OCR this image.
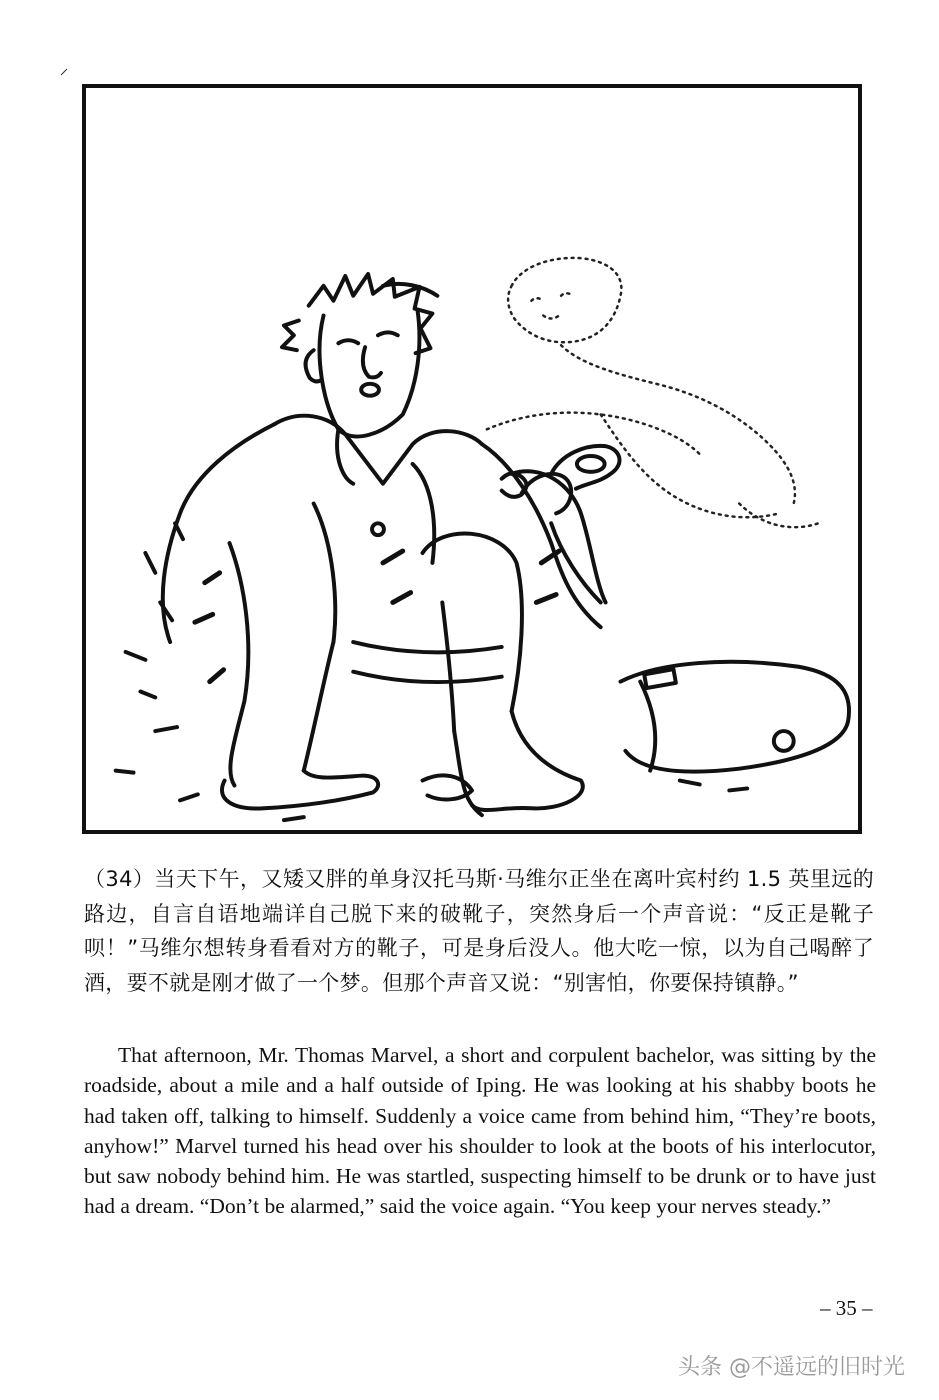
（34）当天下午，又矮又胖的单身汉托马斯·马维尔正坐在离叶宾村约 1.5 英里远的路边，自言自语地端详自己脱下来的破靴子，突然身后一个声音说：“反正是靴子呗！”马维尔想转身看看对方的靴子，可是身后没人。他大吃一惊，以为自己喝醉了酒，要不就是刚才做了一个梦。但那个声音又说：“别害怕，你要保持镇静。”
That afternoon, Mr. Thomas Marvel, a short and corpulent bachelor, was sitting by the roadside, about a mile and a half outside of Iping. He was looking at his shabby boots he had taken off, talking to himself. Suddenly a voice came from behind him, “They’re boots, anyhow!” Marvel turned his head over his shoulder to look at the boots of his interlocutor, but saw nobody behind him. He was startled, suspecting himself to be drunk or to have just had a dream. “Don’t be alarmed,” said the voice again. “You keep your nerves steady.”
– 35 –
头条 @不遥远的旧时光
